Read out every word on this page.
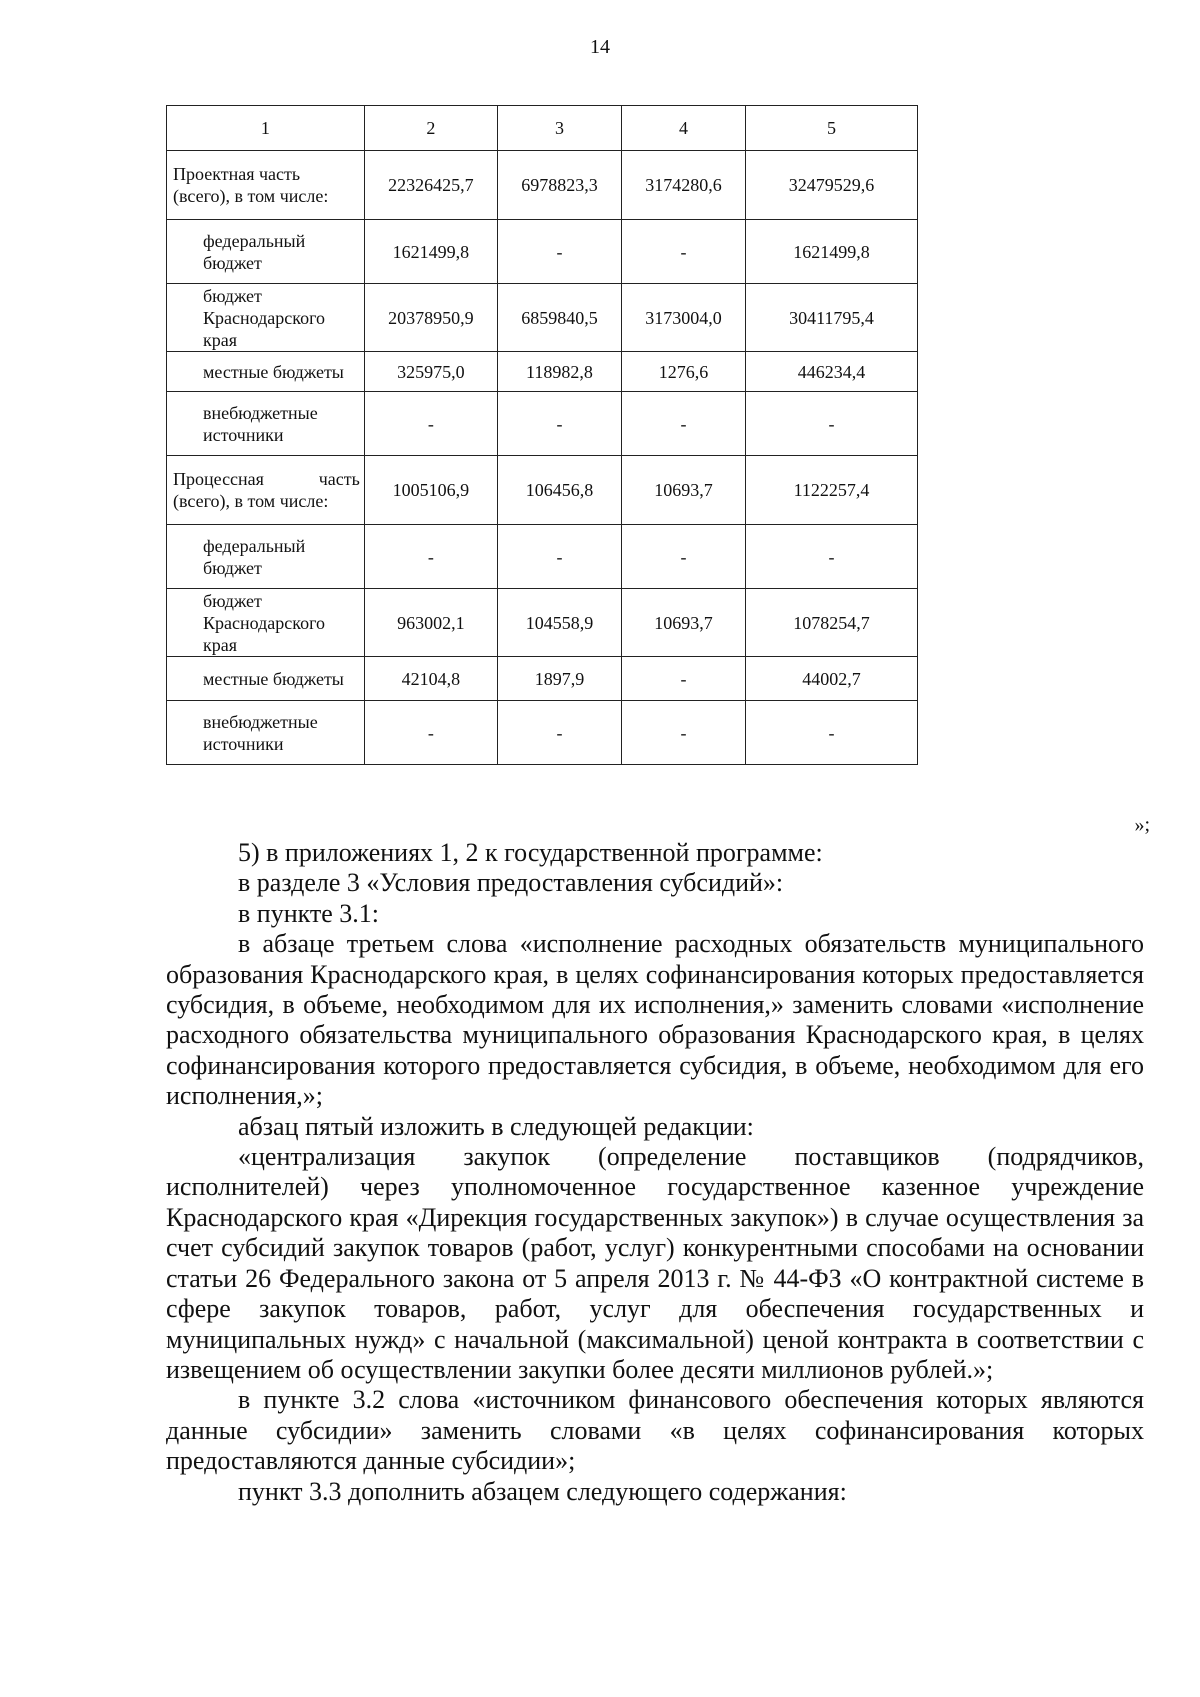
14
1	2	3	4	5

Проектная часть
(всего), в том числе:	22326425,7	6978823,3	3174280,6	32479529,6

федеральный
бюджет	1621499,8	-	-	1621499,8

бюджет
Краснодарского края	20378950,9	6859840,5	3173004,0	30411795,4

местные бюджеты	325975,0	118982,8	1276,6	446234,4

внебюджетные
источники	-	-	-	-

Процессная часть
(всего), в том числе:	1005106,9	106456,8	10693,7	1122257,4

федеральный
бюджет	-	-	-	-

бюджет
Краснодарского края	963002,1	104558,9	10693,7	1078254,7

местные бюджеты	42104,8	1897,9	-	44002,7

внебюджетные
источники	-	-	-	-
»;

5) в приложениях 1, 2 к государственной программе:

в разделе 3 «Условия предоставления субсидий»:

в пункте 3.1:

в абзаце третьем слова «исполнение расходных обязательств муниципального образования Краснодарского края, в целях софинансирования которых предоставляется субсидия, в объеме, необходимом для их исполнения,» заменить словами «исполнение расходного обязательства муниципального образования Краснодарского края, в целях софинансирования которого предоставляется субсидия, в объеме, необходимом для его исполнения,»;

абзац пятый изложить в следующей редакции:

«централизация закупок (определение поставщиков (подрядчиков, исполнителей) через уполномоченное государственное казенное учреждение Краснодарского края «Дирекция государственных закупок») в случае осуществления за счет субсидий закупок товаров (работ, услуг) конкурентными способами на основании статьи 26 Федерального закона от 5 апреля 2013 г. № 44-ФЗ «О контрактной системе в сфере закупок товаров, работ, услуг для обеспечения государственных и муниципальных нужд» с начальной (максимальной) ценой контракта в соответствии с извещением об осуществлении закупки более десяти миллионов рублей.»;

в пункте 3.2 слова «источником финансового обеспечения которых являются данные субсидии» заменить словами «в целях софинансирования которых предоставляются данные субсидии»;

пункт 3.3 дополнить абзацем следующего содержания:
